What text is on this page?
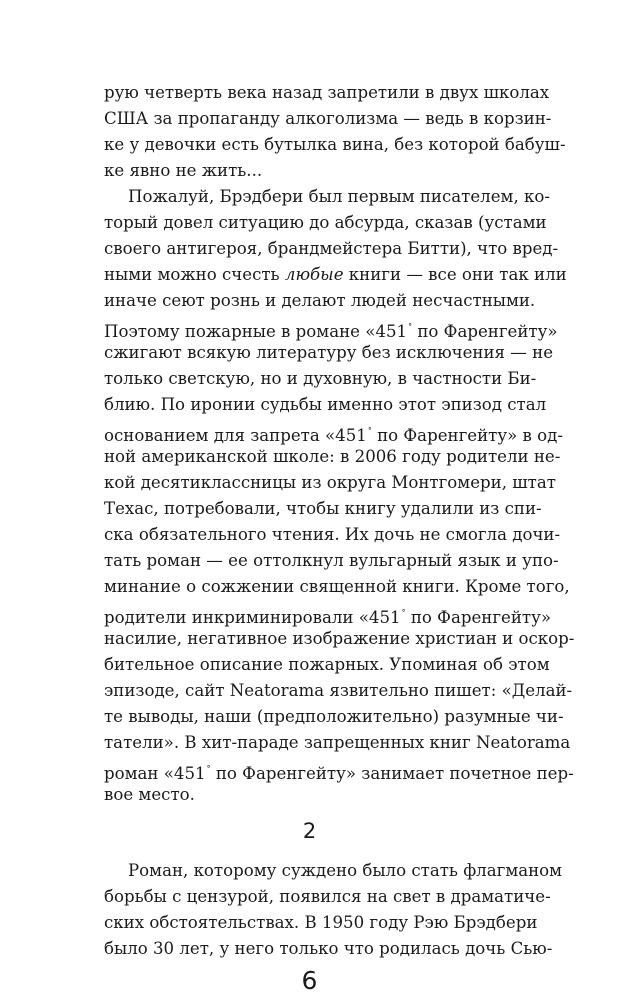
рую четверть века назад запретили в двух школах
США за пропаганду алкоголизма — ведь в корзин-
ке у девочки есть бутылка вина, без которой бабуш-
ке явно не жить...
Пожалуй, Брэдбери был первым писателем, ко-
торый довел ситуацию до абсурда, сказав (устами
своего антигероя, брандмейстера Битти), что вред-
ными можно счесть любые книги — все они так или
иначе сеют рознь и делают людей несчастными.
Поэтому пожарные в романе «451° по Фаренгейту»
сжигают всякую литературу без исключения — не
только светскую, но и духовную, в частности Би-
блию. По иронии судьбы именно этот эпизод стал
основанием для запрета «451° по Фаренгейту» в од-
ной американской школе: в 2006 году родители не-
кой десятиклассницы из округа Монтгомери, штат
Техас, потребовали, чтобы книгу удалили из спи-
ска обязательного чтения. Их дочь не смогла дочи-
тать роман — ее оттолкнул вульгарный язык и упо-
минание о сожжении священной книги. Кроме того,
родители инкриминировали «451° по Фаренгейту»
насилие, негативное изображение христиан и оскор-
бительное описание пожарных. Упоминая об этом
эпизоде, сайт Neatorama язвительно пишет: «Делай-
те выводы, наши (предположительно) разумные чи-
татели». В хит-параде запрещенных книг Neatorama
роман «451° по Фаренгейту» занимает почетное пер-
вое место.
2
Роман, которому суждено было стать флагманом
борьбы с цензурой, появился на свет в драматиче-
ских обстоятельствах. В 1950 году Рэю Брэдбери
было 30 лет, у него только что родилась дочь Сью-
6
